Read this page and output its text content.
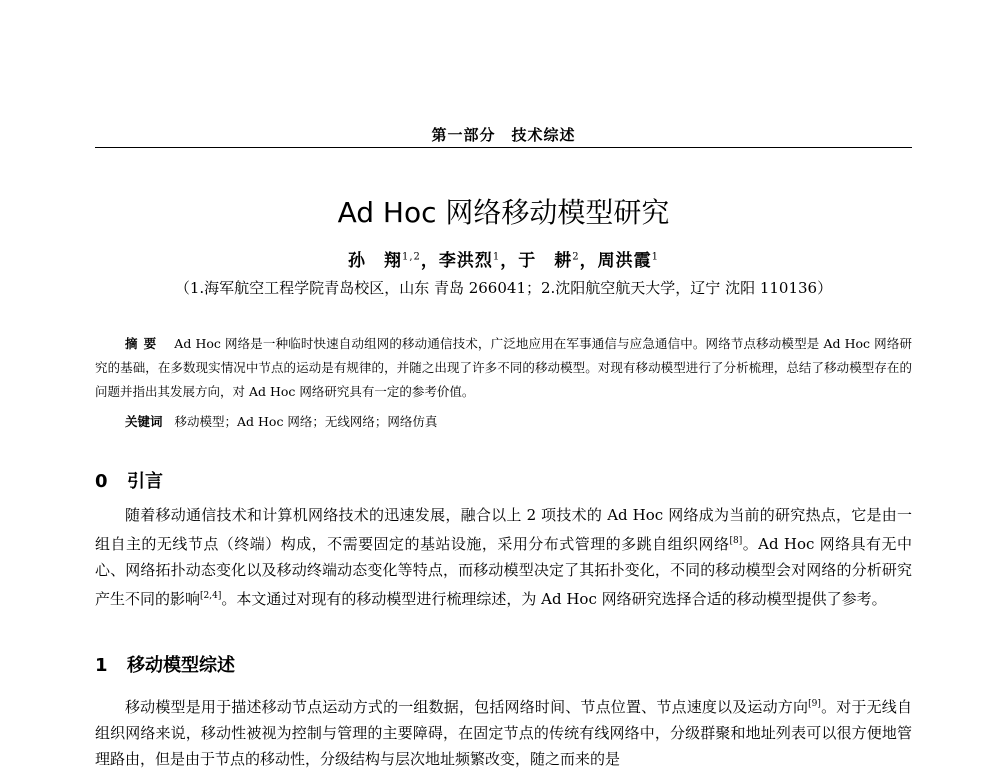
第一部分　技术综述
Ad Hoc 网络移动模型研究
孙　翔$^{1,2}$，李洪烈$^1$，于　耕$^2$，周洪霞$^1$
（1.海军航空工程学院青岛校区，山东 青岛 266041；2.沈阳航空航天大学，辽宁 沈阳 110136）
摘要 Ad Hoc 网络是一种临时快速自动组网的移动通信技术，广泛地应用在军事通信与应急通信中。网络节点移动模型是 Ad Hoc 网络研究的基础，在多数现实情况中节点的运动是有规律的，并随之出现了许多不同的移动模型。对现有移动模型进行了分析梳理，总结了移动模型存在的问题并指出其发展方向，对 Ad Hoc 网络研究具有一定的参考价值。
关键词 移动模型；Ad Hoc 网络；无线网络；网络仿真
0 引言

随着移动通信技术和计算机网络技术的迅速发展，融合以上 2 项技术的 Ad Hoc 网络成为当前的研究热点，它是由一组自主的无线节点（终端）构成，不需要固定的基站设施，采用分布式管理的多跳自组织网络[8]。Ad Hoc 网络具有无中心、网络拓扑动态变化以及移动终端动态变化等特点，而移动模型决定了其拓扑变化，不同的移动模型会对网络的分析研究产生不同的影响[2,4]。本文通过对现有的移动模型进行梳理综述，为 Ad Hoc 网络研究选择合适的移动模型提供了参考。

1 移动模型综述

移动模型是用于描述移动节点运动方式的一组数据，包括网络时间、节点位置、节点速度以及运动方向[9]。对于无线自组织网络来说，移动性被视为控制与管理的主要障碍，在固定节点的传统有线网络中，分级群聚和地址列表可以很方便地管理路由，但是由于节点的移动性，分级结构与层次地址频繁改变，随之而来的是
